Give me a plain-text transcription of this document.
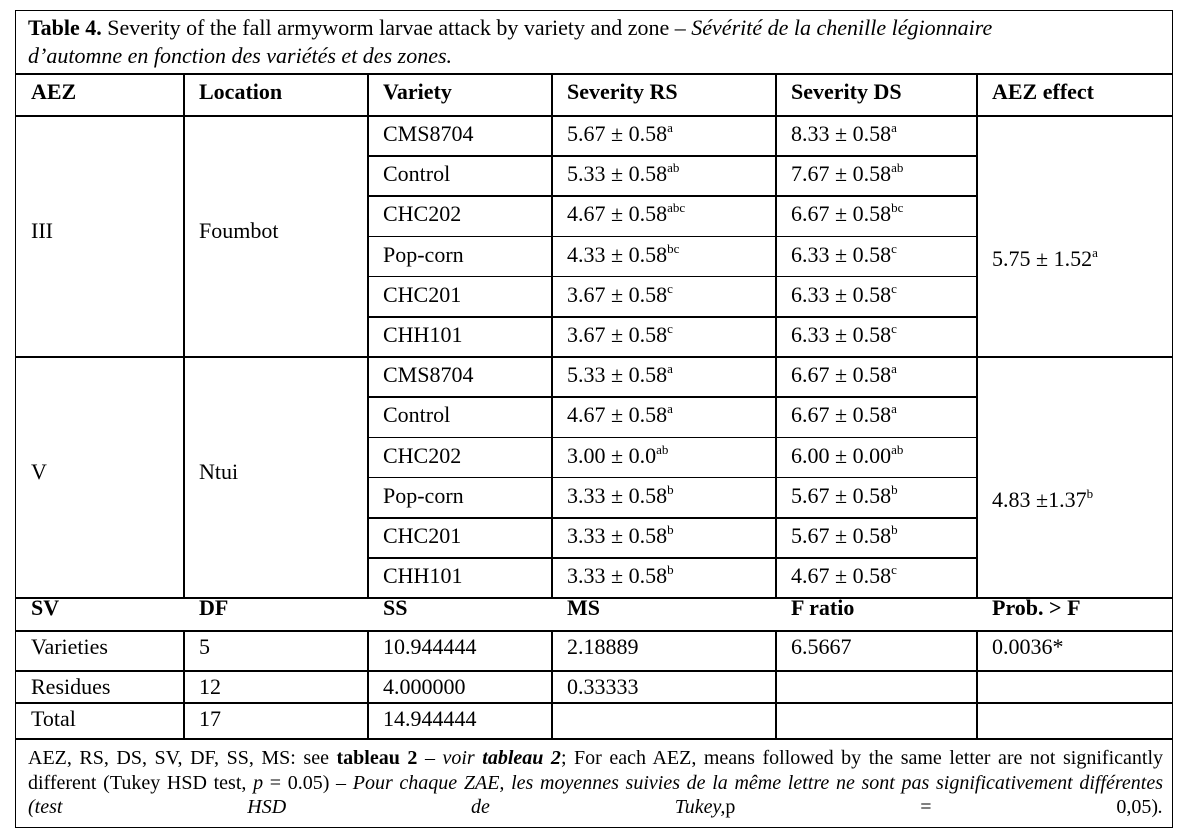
Table 4. Severity of the fall armyworm larvae attack by variety and zone – Sévérité de la chenille légionnaire
d’automne en fonction des variétés et des zones.
AEZ	Location	Variety	Severity RS	Severity DS	AEZ effect
III	Foumbot
5.75 ± 1.52$^a$
CMS8704	5.67 ± 0.58$^a$	8.33 ± 0.58$^a$
Control	5.33 ± 0.58$^{ab}$	7.67 ± 0.58$^{ab}$
CHC202	4.67 ± 0.58$^{abc}$	6.67 ± 0.58$^{bc}$
Pop-corn	4.33 ± 0.58$^{bc}$	6.33 ± 0.58$^c$
CHC201	3.67 ± 0.58$^c$	6.33 ± 0.58$^c$
CHH101	3.67 ± 0.58$^c$	6.33 ± 0.58$^c$
V	Ntui
4.83 ±1.37$^b$
CMS8704	5.33 ± 0.58$^a$	6.67 ± 0.58$^a$
Control	4.67 ± 0.58$^a$	6.67 ± 0.58$^a$
CHC202	3.00 ± 0.0$^{ab}$	6.00 ± 0.00$^{ab}$
Pop-corn	3.33 ± 0.58$^b$	5.67 ± 0.58$^b$
CHC201	3.33 ± 0.58$^b$	5.67 ± 0.58$^b$
CHH101	3.33 ± 0.58$^b$	4.67 ± 0.58$^c$
SV	DF	SS	MS	F ratio	Prob. > F
Varieties	5	10.944444	2.18889	6.5667	0.0036*
Residues	12	4.000000	0.33333
Total	17	14.944444
AEZ, RS, DS, SV, DF, SS, MS: see tableau 2 – voir tableau 2; For each AEZ, means followed by the same letter are not significantly different (Tukey HSD test, p = 0.05) – Pour chaque ZAE, les moyennes suivies de la même lettre ne sont pas significativement différentes (test HSD de Tukey,p = 0,05).
